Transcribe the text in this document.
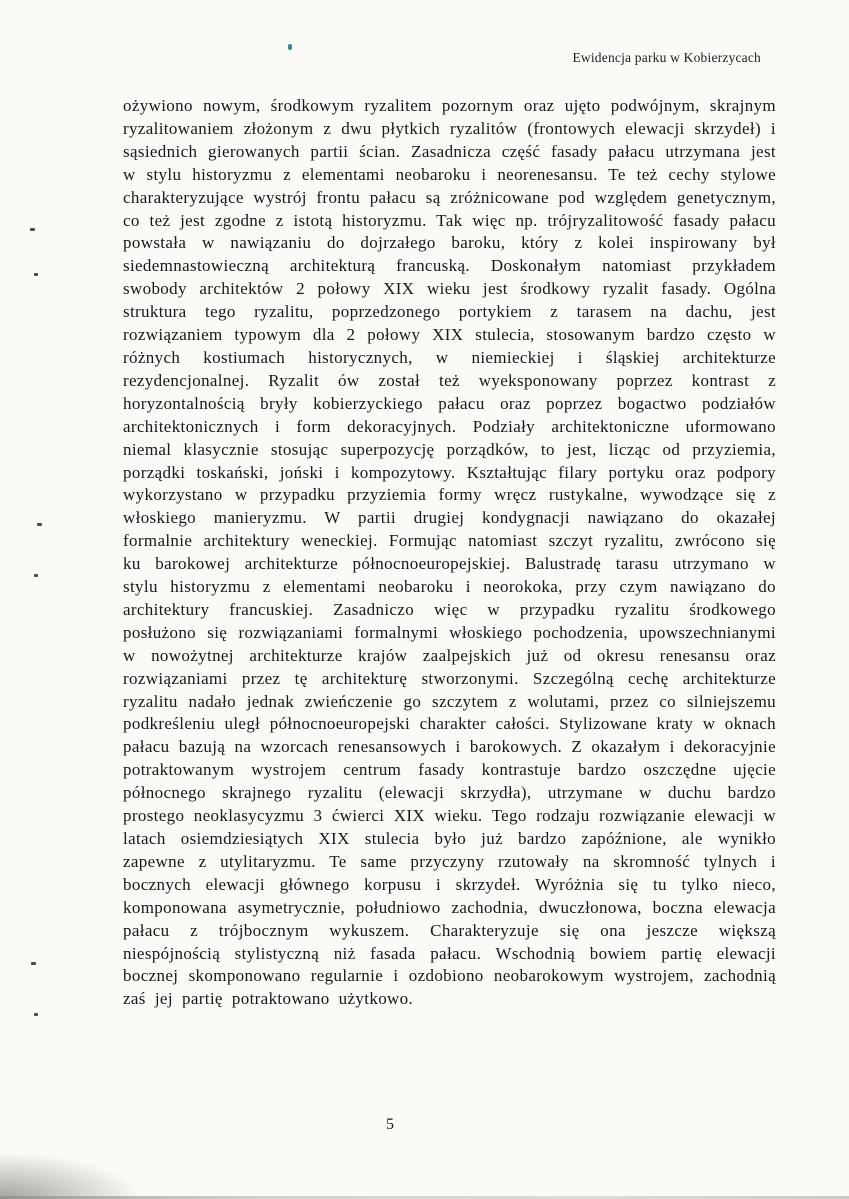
Ewidencja parku w Kobierzycach

ożywiono nowym, środkowym ryzalitem pozornym oraz ujęto podwójnym, skrajnym ryzalitowaniem złożonym z dwu płytkich ryzalitów (frontowych elewacji skrzydeł) i sąsiednich gierowanych partii ścian. Zasadnicza część fasady pałacu utrzymana jest w stylu historyzmu z elementami neobaroku i neorenesansu. Te też cechy stylowe charakteryzujące wystrój frontu pałacu są zróżnicowane pod względem genetycznym, co też jest zgodne z istotą historyzmu. Tak więc np. trójryzalitowość fasady pałacu powstała w nawiązaniu do dojrzałego baroku, który z kolei inspirowany był siedemnastowieczną architekturą francuską. Doskonałym natomiast przykładem swobody architektów 2 połowy XIX wieku jest środkowy ryzalit fasady. Ogólna struktura tego ryzalitu, poprzedzonego portykiem z tarasem na dachu, jest rozwiązaniem typowym dla 2 połowy XIX stulecia, stosowanym bardzo często w różnych kostiumach historycznych, w niemieckiej i śląskiej architekturze rezydencjonalnej. Ryzalit ów został też wyeksponowany poprzez kontrast z horyzontalnością bryły kobierzyckiego pałacu oraz poprzez bogactwo podziałów architektonicznych i form dekoracyjnych. Podziały architektoniczne uformowano niemal klasycznie stosując superpozycję porządków, to jest, licząc od przyziemia, porządki toskański, joński i kompozytowy. Kształtując filary portyku oraz podpory wykorzystano w przypadku przyziemia formy wręcz rustykalne, wywodzące się z włoskiego manieryzmu. W partii drugiej kondygnacji nawiązano do okazałej formalnie architektury weneckiej. Formując natomiast szczyt ryzalitu, zwrócono się ku barokowej architekturze północnoeuropejskiej. Balustradę tarasu utrzymano w stylu historyzmu z elementami neobaroku i neorokoka, przy czym nawiązano do architektury francuskiej. Zasadniczo więc w przypadku ryzalitu środkowego posłużono się rozwiązaniami formalnymi włoskiego pochodzenia, upowszechnianymi w nowożytnej architekturze krajów zaalpejskich już od okresu renesansu oraz rozwiązaniami przez tę architekturę stworzonymi. Szczególną cechę architekturze ryzalitu nadało jednak zwieńczenie go szczytem z wolutami, przez co silniejszemu podkreśleniu uległ północnoeuropejski charakter całości. Stylizowane kraty w oknach pałacu bazują na wzorcach renesansowych i barokowych. Z okazałym i dekoracyjnie potraktowanym wystrojem centrum fasady kontrastuje bardzo oszczędne ujęcie północnego skrajnego ryzalitu (elewacji skrzydła), utrzymane w duchu bardzo prostego neoklasycyzmu 3 ćwierci XIX wieku. Tego rodzaju rozwiązanie elewacji w latach osiemdziesiątych XIX stulecia było już bardzo zapóźnione, ale wynikło zapewne z utylitaryzmu. Te same przyczyny rzutowały na skromność tylnych i bocznych elewacji głównego korpusu i skrzydeł. Wyróżnia się tu tylko nieco, komponowana asymetrycznie, południowo zachodnia, dwuczłonowa, boczna elewacja pałacu z trójbocznym wykuszem. Charakteryzuje się ona jeszcze większą niespójnością stylistyczną niż fasada pałacu. Wschodnią bowiem partię elewacji bocznej skomponowano regularnie i ozdobiono neobarokowym wystrojem, zachodnią zaś jej partię potraktowano użytkowo.

5
